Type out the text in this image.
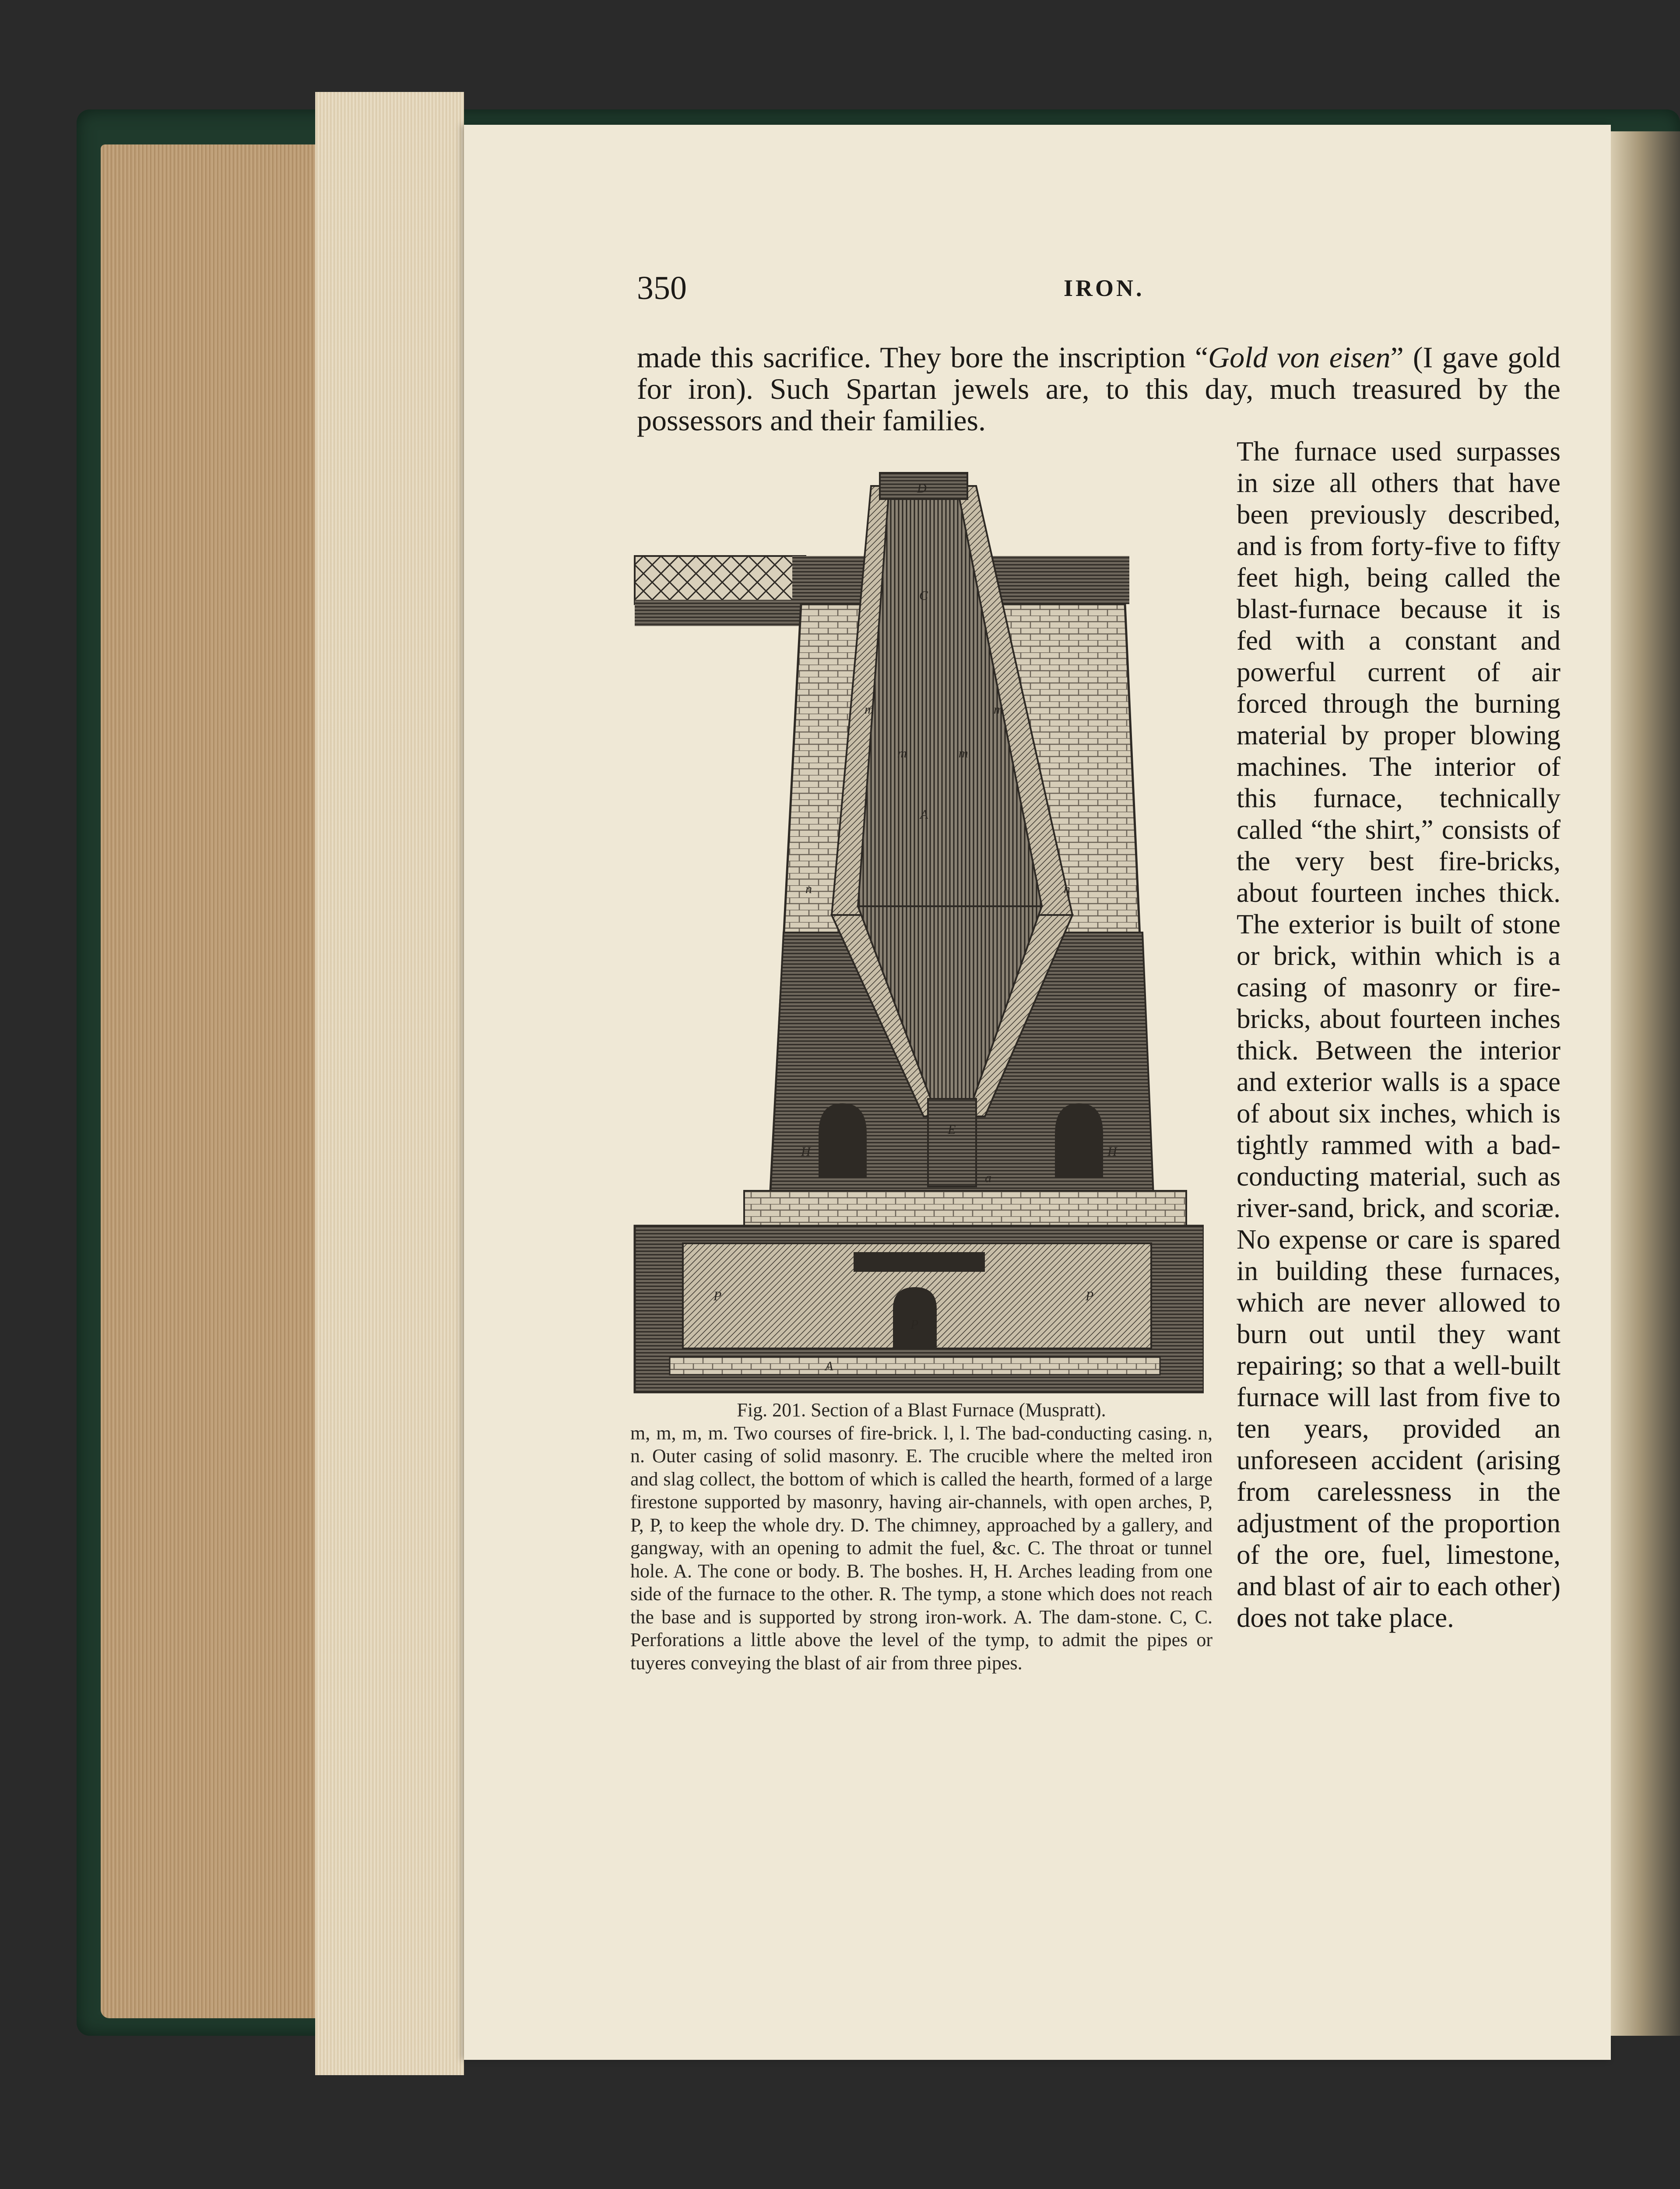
350	IRON.
made this sacrifice. They bore the inscription “Gold von eisen” (I gave gold for iron). Such Spartan jewels are, to this day, much treasured by the possessors and their families.
The furnace used surpasses in size all others that have been previously described, and is from forty-five to fifty feet high, being called the blast-furnace because it is fed with a constant and powerful current of air forced through the burning material by proper blowing machines. The interior of this furnace, technically called “the shirt,” consists of the very best fire-bricks, about fourteen inches thick. The exterior is built of stone or brick, within which is a casing of masonry or fire-bricks, about fourteen inches thick. Between the interior and exterior walls is a space of about six inches, which is tightly rammed with a bad-conducting material, such as river-sand, brick, and scoriæ. No expense or care is spared in building these furnaces, which are never allowed to burn out until they want repairing; so that a well-built furnace will last from five to ten years, provided an unforeseen accident (arising from carelessness in the adjustment of the proportion of the ore, fuel, limestone, and blast of air to each other) does not take place.
D
C
A
m	m
m	m
n	n
H	H
E
a
P
P
P
A
Fig. 201. Section of a Blast Furnace (Muspratt).
m, m, m, m. Two courses of fire-brick. l, l. The bad-conducting casing. n, n. Outer casing of solid masonry. E. The crucible where the melted iron and slag collect, the bottom of which is called the hearth, formed of a large firestone supported by masonry, having air-channels, with open arches, P, P, P, to keep the whole dry. D. The chimney, approached by a gallery, and gangway, with an opening to admit the fuel, &c. C. The throat or tunnel hole. A. The cone or body. B. The boshes. H, H. Arches leading from one side of the furnace to the other. R. The tymp, a stone which does not reach the base and is supported by strong iron-work. A. The dam-stone. C, C. Perforations a little above the level of the tymp, to admit the pipes or tuyeres conveying the blast of air from three pipes.
